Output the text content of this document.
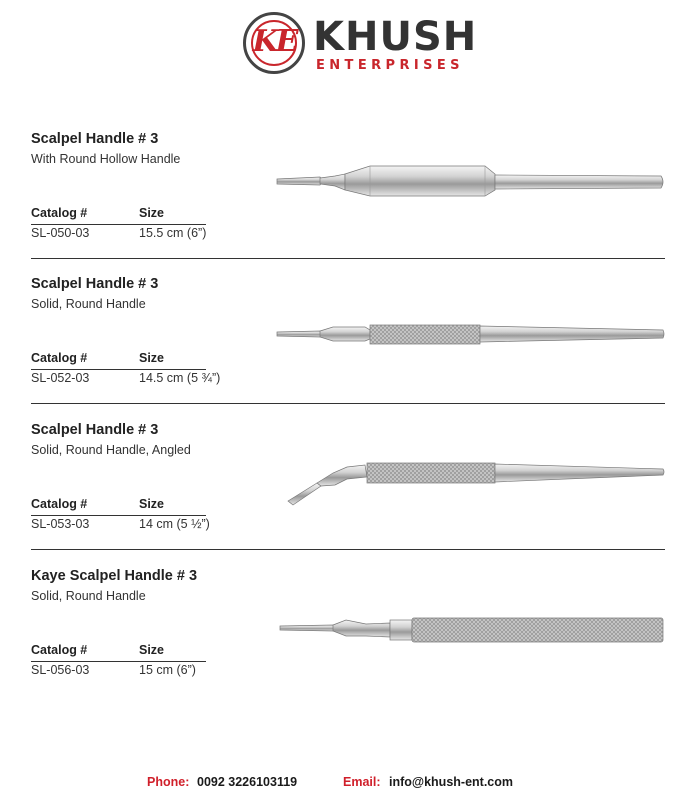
KE KHUSH
ENTERPRISES
Scalpel Handle # 3
With Round Hollow Handle
Catalog #	Size
SL-050-03	15.5 cm (6”)
Scalpel Handle # 3
Solid, Round Handle
Catalog #	Size
SL-052-03	14.5 cm (5 ¾”)
Scalpel Handle # 3
Solid, Round Handle, Angled
Catalog #	Size
SL-053-03	14 cm (5 ½”)
Kaye Scalpel Handle # 3
Solid, Round Handle
Catalog #	Size
SL-056-03	15 cm (6”)
Phone: 0092 3226103119	Email: info@khush-ent.com
